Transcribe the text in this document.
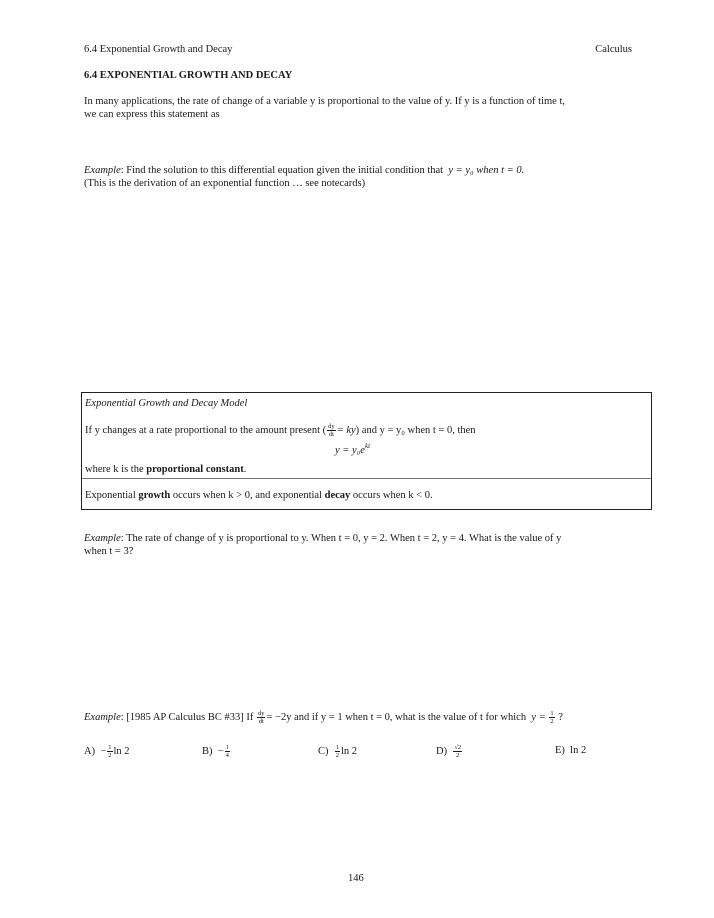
6.4 Exponential Growth and Decay	Calculus
6.4 EXPONENTIAL GROWTH AND DECAY
In many applications, the rate of change of a variable y is proportional to the value of y. If y is a function of time t,
we can express this statement as
Example: Find the solution to this differential equation given the initial condition that y = y₀ when t = 0.
(This is the derivation of an exponential function … see notecards)
Exponential Growth and Decay Model
If y changes at a rate proportional to the amount present ( $\frac{dy}{dt} = ky$) and y = y₀ when t = 0, then
$y = y_0e^{kt}$
where k is the proportional constant.
Exponential growth occurs when k > 0, and exponential decay occurs when k < 0.
Example: The rate of change of y is proportional to y. When t = 0, y = 2. When t = 2, y = 4. What is the value of y
when t = 3?
Example: [1985 AP Calculus BC #33] If $\frac{dy}{dt} = -2y$ and if y = 1 when t = 0, what is the value of t for which $y = \frac{1}{2}$ ?
$A) - \frac{1}{2}$ ln 2	$B) - \frac{1}{4}$	$C) \frac{1}{2}$ ln 2	$D) \frac{√2}{2}$	E) ln 2
146
